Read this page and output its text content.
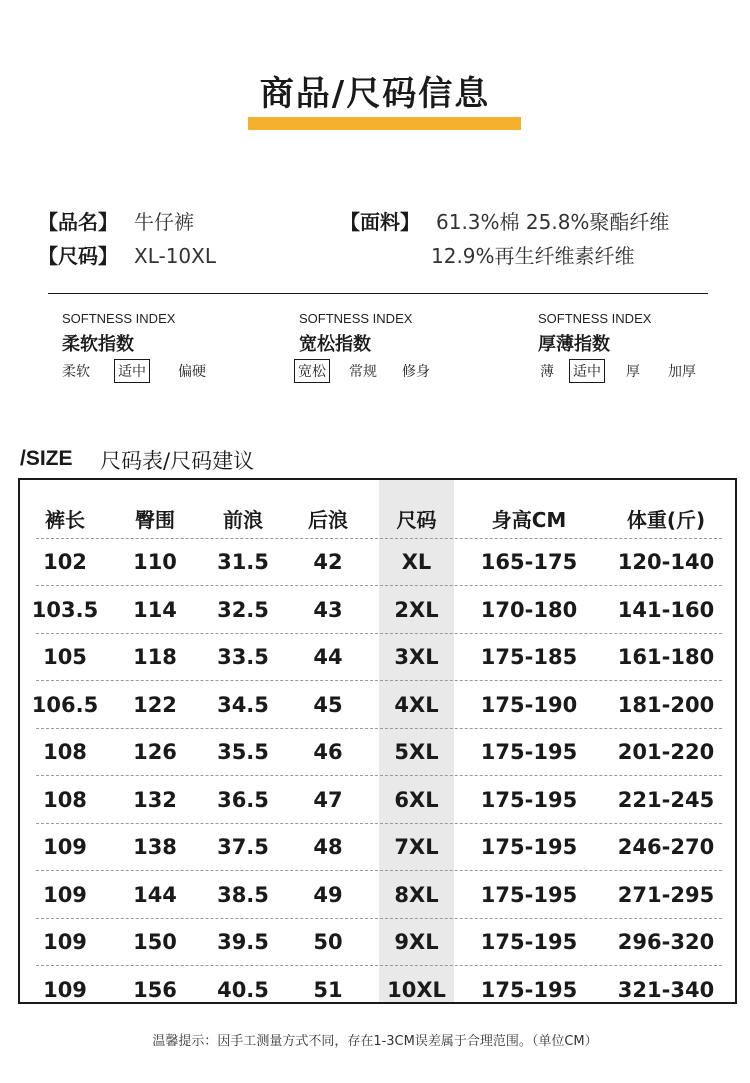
商品/尺码信息
【品名】 牛仔裤
【尺码】 XL-10XL
【面料】 61.3%棉 25.8%聚酯纤维
12.9%再生纤维素纤维
SOFTNESS INDEX
柔软指数
柔软 适中 偏硬
SOFTNESS INDEX
宽松指数
宽松 常规 修身
SOFTNESS INDEX
厚薄指数
薄 适中 厚 加厚
/SIZE 尺码表/尺码建议
裤长	臀围	前浪	后浪	尺码	身高CM	体重(斤)
102	110	31.5	42	XL	165-175	120-140
103.5	114	32.5	43	2XL	170-180	141-160
105	118	33.5	44	3XL	175-185	161-180
106.5	122	34.5	45	4XL	175-190	181-200
108	126	35.5	46	5XL	175-195	201-220
108	132	36.5	47	6XL	175-195	221-245
109	138	37.5	48	7XL	175-195	246-270
109	144	38.5	49	8XL	175-195	271-295
109	150	39.5	50	9XL	175-195	296-320
109	156	40.5	51	10XL	175-195	321-340
温馨提示：因手工测量方式不同，存在1-3CM误差属于合理范围。（单位CM）
